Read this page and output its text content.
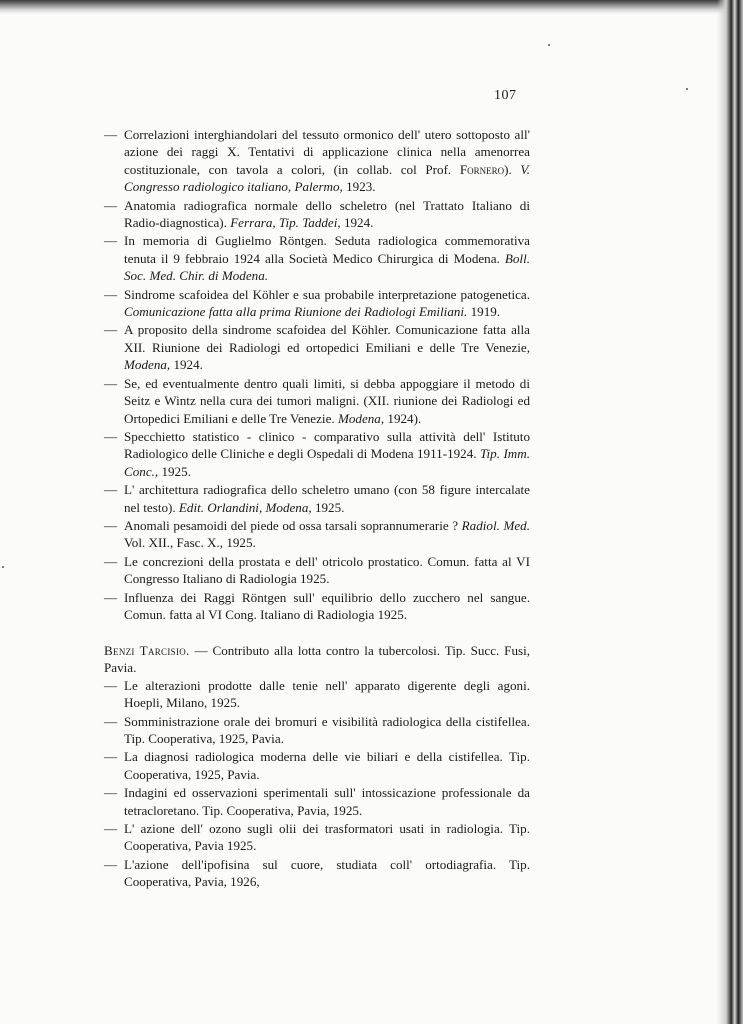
107

— Correlazioni interghiandolari del tessuto ormonico dell' utero sottoposto all' azione dei raggi X. Tentativi di applicazione clinica nella amenorrea costituzionale, con tavola a colori, (in collab. col Prof. Fornero). V. Congresso radiologico italiano, Palermo, 1923.

— Anatomia radiografica normale dello scheletro (nel Trattato Italiano di Radio-diagnostica). Ferrara, Tip. Taddei, 1924.

— In memoria di Guglielmo Röntgen. Seduta radiologica commemorativa tenuta il 9 febbraio 1924 alla Società Medico Chirurgica di Modena. Boll. Soc. Med. Chir. di Modena.

— Sindrome scafoidea del Köhler e sua probabile interpretazione patogenetica. Comunicazione fatta alla prima Riunione dei Radiologi Emiliani. 1919.

— A proposito della sindrome scafoidea del Köhler. Comunicazione fatta alla XII. Riunione dei Radiologi ed ortopedici Emiliani e delle Tre Venezie, Modena, 1924.

— Se, ed eventualmente dentro quali limiti, si debba appoggiare il metodo di Seitz e Wintz nella cura dei tumori maligni. (XII. riunione dei Radiologi ed Ortopedici Emiliani e delle Tre Venezie. Modena, 1924).

— Specchietto statistico - clinico - comparativo sulla attività dell' Istituto Radiologico delle Cliniche e degli Ospedali di Modena 1911-1924. Tip. Imm. Conc., 1925.

— L' architettura radiografica dello scheletro umano (con 58 figure intercalate nel testo). Edit. Orlandini, Modena, 1925.

— Anomali pesamoidi del piede od ossa tarsali soprannumerarie ? Radiol. Med. Vol. XII., Fasc. X., 1925.

— Le concrezioni della prostata e dell' otricolo prostatico. Comun. fatta al VI Congresso Italiano di Radiologia 1925.

— Influenza dei Raggi Röntgen sull' equilibrio dello zucchero nel sangue. Comun. fatta al VI Cong. Italiano di Radiologia 1925.

Benzi Tarcisio. — Contributo alla lotta contro la tubercolosi. Tip. Succ. Fusi, Pavia.

— Le alterazioni prodotte dalle tenie nell' apparato digerente degli agoni. Hoepli, Milano, 1925.

— Somministrazione orale dei bromuri e visibilità radiologica della cistifellea. Tip. Cooperativa, 1925, Pavia.

— La diagnosi radiologica moderna delle vie biliari e della cistifellea. Tip. Cooperativa, 1925, Pavia.

— Indagini ed osservazioni sperimentali sull' intossicazione professionale da tetracloretano. Tip. Cooperativa, Pavia, 1925.

— L' azione dell' ozono sugli olii dei trasformatori usati in radiologia. Tip. Cooperativa, Pavia 1925.

— L'azione dell'ipofisina sul cuore, studiata coll' ortodiagrafia. Tip. Cooperativa, Pavia, 1926,
